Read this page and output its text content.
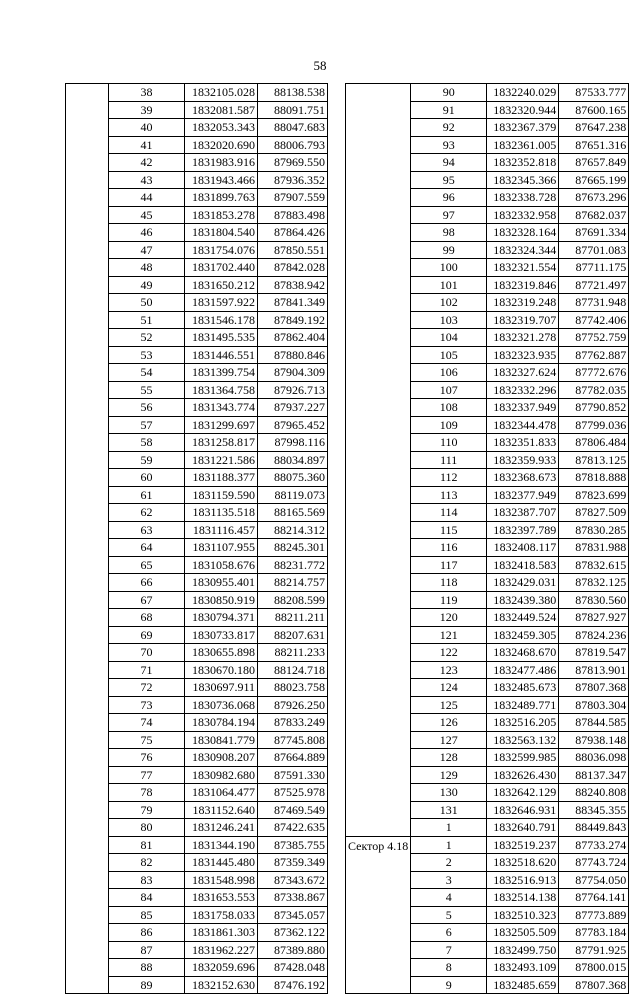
58
	38	1832105.028	88138.538
	39	1832081.587	88091.751
	40	1832053.343	88047.683
	41	1832020.690	88006.793
	42	1831983.916	87969.550
	43	1831943.466	87936.352
	44	1831899.763	87907.559
	45	1831853.278	87883.498
	46	1831804.540	87864.426
	47	1831754.076	87850.551
	48	1831702.440	87842.028
	49	1831650.212	87838.942
	50	1831597.922	87841.349
	51	1831546.178	87849.192
	52	1831495.535	87862.404
	53	1831446.551	87880.846
	54	1831399.754	87904.309
	55	1831364.758	87926.713
	56	1831343.774	87937.227
	57	1831299.697	87965.452
	58	1831258.817	87998.116
	59	1831221.586	88034.897
	60	1831188.377	88075.360
	61	1831159.590	88119.073
	62	1831135.518	88165.569
	63	1831116.457	88214.312
	64	1831107.955	88245.301
	65	1831058.676	88231.772
	66	1830955.401	88214.757
	67	1830850.919	88208.599
	68	1830794.371	88211.211
	69	1830733.817	88207.631
	70	1830655.898	88211.233
	71	1830670.180	88124.718
	72	1830697.911	88023.758
	73	1830736.068	87926.250
	74	1830784.194	87833.249
	75	1830841.779	87745.808
	76	1830908.207	87664.889
	77	1830982.680	87591.330
	78	1831064.477	87525.978
	79	1831152.640	87469.549
	80	1831246.241	87422.635
	81	1831344.190	87385.755
	82	1831445.480	87359.349
	83	1831548.998	87343.672
	84	1831653.553	87338.867
	85	1831758.033	87345.057
	86	1831861.303	87362.122
	87	1831962.227	87389.880
	88	1832059.696	87428.048
	89	1832152.630	87476.192
	90	1832240.029	87533.777
	91	1832320.944	87600.165
	92	1832367.379	87647.238
	93	1832361.005	87651.316
	94	1832352.818	87657.849
	95	1832345.366	87665.199
	96	1832338.728	87673.296
	97	1832332.958	87682.037
	98	1832328.164	87691.334
	99	1832324.344	87701.083
	100	1832321.554	87711.175
	101	1832319.846	87721.497
	102	1832319.248	87731.948
	103	1832319.707	87742.406
	104	1832321.278	87752.759
	105	1832323.935	87762.887
	106	1832327.624	87772.676
	107	1832332.296	87782.035
	108	1832337.949	87790.852
	109	1832344.478	87799.036
	110	1832351.833	87806.484
	111	1832359.933	87813.125
	112	1832368.673	87818.888
	113	1832377.949	87823.699
	114	1832387.707	87827.509
	115	1832397.789	87830.285
	116	1832408.117	87831.988
	117	1832418.583	87832.615
	118	1832429.031	87832.125
	119	1832439.380	87830.560
	120	1832449.524	87827.927
	121	1832459.305	87824.236
	122	1832468.670	87819.547
	123	1832477.486	87813.901
	124	1832485.673	87807.368
	125	1832489.771	87803.304
	126	1832516.205	87844.585
	127	1832563.132	87938.148
	128	1832599.985	88036.098
	129	1832626.430	88137.347
	130	1832642.129	88240.808
	131	1832646.931	88345.355
	1	1832640.791	88449.843

Сектор 4.18	1	1832519.237	87733.274
	2	1832518.620	87743.724
	3	1832516.913	87754.050
	4	1832514.138	87764.141
	5	1832510.323	87773.889
	6	1832505.509	87783.184
	7	1832499.750	87791.925
	8	1832493.109	87800.015
	9	1832485.659	87807.368
